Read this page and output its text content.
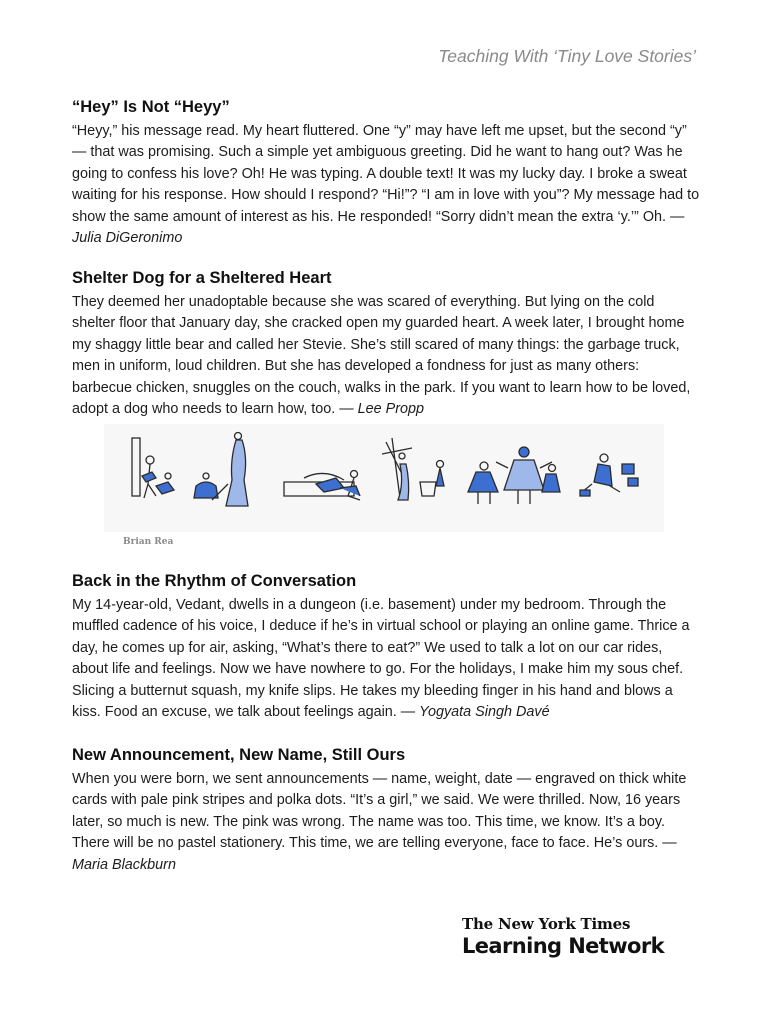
Teaching With ‘Tiny Love Stories’
“Hey” Is Not “Heyy”

“Heyy,” his message read. My heart fluttered. One “y” may have left me upset, but the second “y” — that was promising. Such a simple yet ambiguous greeting. Did he want to hang out? Was he going to confess his love? Oh! He was typing. A double text! It was my lucky day. I broke a sweat waiting for his response. How should I respond? “Hi!”? “I am in love with you”? My message had to show the same amount of interest as his. He responded! “Sorry didn’t mean the extra ‘y.’” Oh. — Julia DiGeronimo

Shelter Dog for a Sheltered Heart

They deemed her unadoptable because she was scared of everything. But lying on the cold shelter floor that January day, she cracked open my guarded heart. A week later, I brought home my shaggy little bear and called her Stevie. She’s still scared of many things: the garbage truck, men in uniform, loud children. But she has developed a fondness for just as many others: barbecue chicken, snuggles on the couch, walks in the park. If you want to learn how to be loved, adopt a dog who needs to learn how, too. — Lee Propp

Brian Rea
Back in the Rhythm of Conversation

My 14-year-old, Vedant, dwells in a dungeon (i.e. basement) under my bedroom. Through the muffled cadence of his voice, I deduce if he’s in virtual school or playing an online game. Thrice a day, he comes up for air, asking, “What’s there to eat?” We used to talk a lot on our car rides, about life and feelings. Now we have nowhere to go. For the holidays, I make him my sous chef. Slicing a butternut squash, my knife slips. He takes my bleeding finger in his hand and blows a kiss. Food an excuse, we talk about feelings again. — Yogyata Singh Davé

New Announcement, New Name, Still Ours

When you were born, we sent announcements — name, weight, date — engraved on thick white cards with pale pink stripes and polka dots. “It’s a girl,” we said. We were thrilled. Now, 16 years later, so much is new. The pink was wrong. The name was too. This time, we know. It’s a boy. There will be no pastel stationery. This time, we are telling everyone, face to face. He’s ours. — Maria Blackburn

The New York Times
Learning Network
